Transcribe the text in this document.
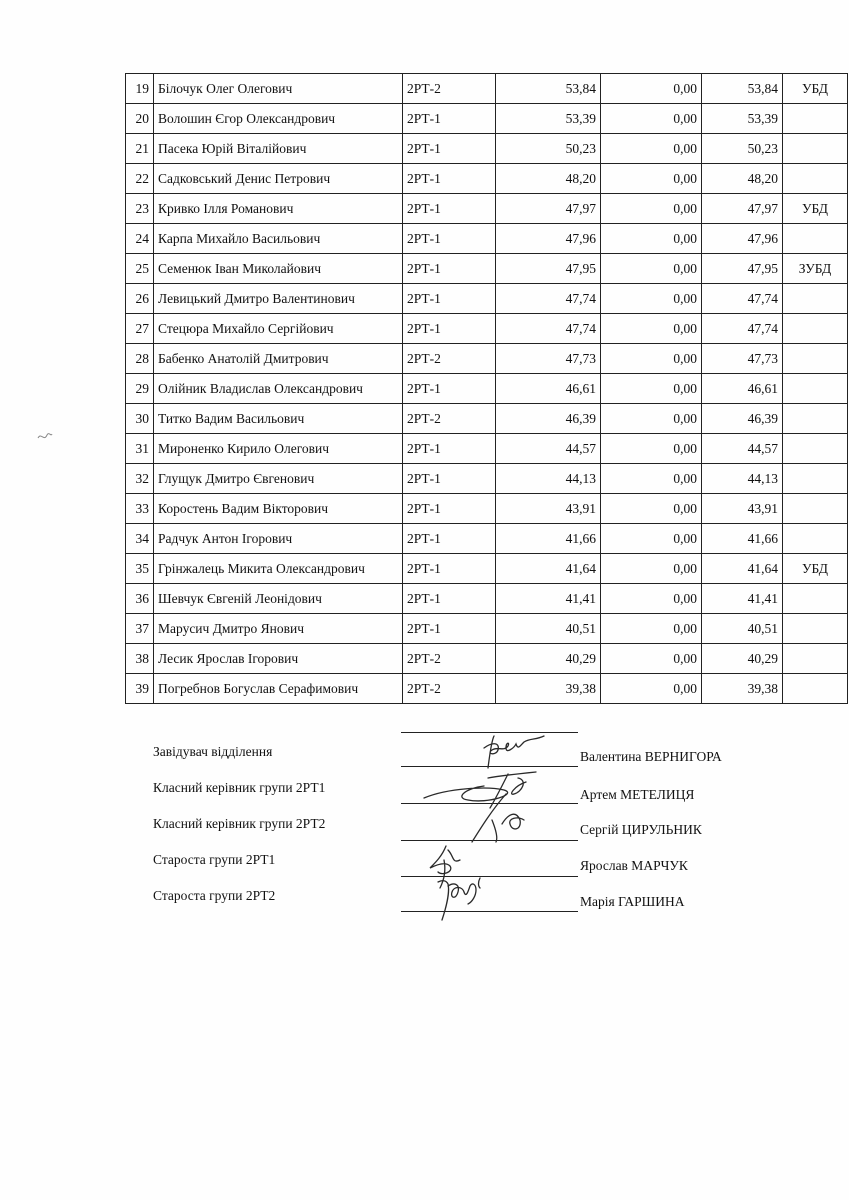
19	Білочук Олег Олегович	2РТ-2	53,84	0,00	53,84	УБД
20	Волошин Єгор Олександрович	2РТ-1	53,39	0,00	53,39	
21	Пасека Юрій Віталійович	2РТ-1	50,23	0,00	50,23	
22	Садковський Денис Петрович	2РТ-1	48,20	0,00	48,20	
23	Кривко Ілля Романович	2РТ-1	47,97	0,00	47,97	УБД
24	Карпа Михайло Васильович	2РТ-1	47,96	0,00	47,96	
25	Семенюк Іван Миколайович	2РТ-1	47,95	0,00	47,95	ЗУБД
26	Левицький Дмитро Валентинович	2РТ-1	47,74	0,00	47,74	
27	Стецюра Михайло Сергійович	2РТ-1	47,74	0,00	47,74	
28	Бабенко Анатолій Дмитрович	2РТ-2	47,73	0,00	47,73	
29	Олійник Владислав Олександрович	2РТ-1	46,61	0,00	46,61	
30	Титко Вадим Васильович	2РТ-2	46,39	0,00	46,39	
31	Мироненко Кирило Олегович	2РТ-1	44,57	0,00	44,57	
32	Глущук Дмитро Євгенович	2РТ-1	44,13	0,00	44,13	
33	Коростень Вадим Вікторович	2РТ-1	43,91	0,00	43,91	
34	Радчук Антон Ігорович	2РТ-1	41,66	0,00	41,66	
35	Грінжалець Микита Олександрович	2РТ-1	41,64	0,00	41,64	УБД
36	Шевчук Євгеній Леонідович	2РТ-1	41,41	0,00	41,41	
37	Марусич Дмитро Янович	2РТ-1	40,51	0,00	40,51	
38	Лесик Ярослав Ігорович	2РТ-2	40,29	0,00	40,29	
39	Погребнов Богуслав Серафимович	2РТ-2	39,38	0,00	39,38	
Завідувач відділення	Валентина ВЕРНИГОРА
Класний керівник групи 2РТ1	Артем МЕТЕЛИЦЯ
Класний керівник групи 2РТ2	Сергій ЦИРУЛЬНИК
Староста групи 2РТ1	Ярослав МАРЧУК
Староста групи 2РТ2	Марія ГАРШИНА
